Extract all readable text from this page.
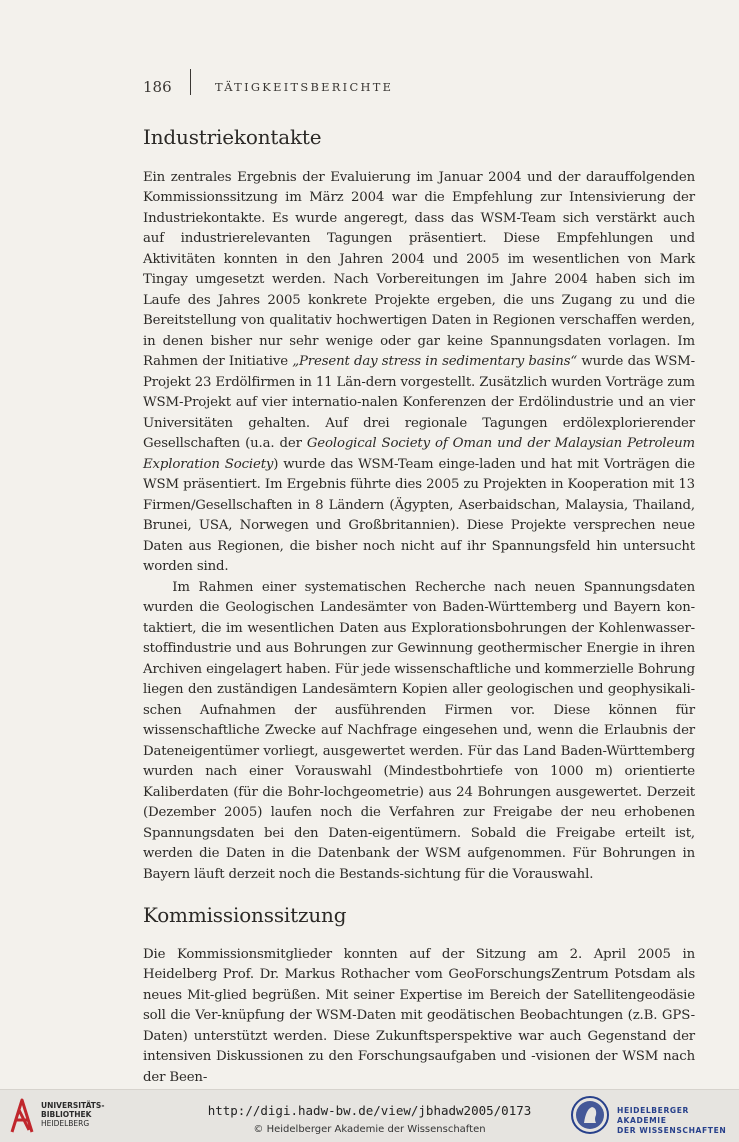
186	TÄTIGKEITSBERICHTE
Industriekontakte

Ein zentrales Ergebnis der Evaluierung im Januar 2004 und der darauffolgenden Kommissionssitzung im März 2004 war die Empfehlung zur Intensivierung der Industriekontakte. Es wurde angeregt, dass das WSM-Team sich verstärkt auch auf industrierelevanten Tagungen präsentiert. Diese Empfehlungen und Aktivitäten konnten in den Jahren 2004 und 2005 im wesentlichen von Mark Tingay umgesetzt werden. Nach Vorbereitungen im Jahre 2004 haben sich im Laufe des Jahres 2005 konkrete Projekte ergeben, die uns Zugang zu und die Bereitstellung von qualitativ hochwertigen Daten in Regionen verschaffen werden, in denen bisher nur sehr wenige oder gar keine Spannungsdaten vorlagen. Im Rahmen der Initiative „Present day stress in sedimentary basins“ wurde das WSM-Projekt 23 Erdölfirmen in 11 Län-dern vorgestellt. Zusätzlich wurden Vorträge zum WSM-Projekt auf vier internatio-nalen Konferenzen der Erdölindustrie und an vier Universitäten gehalten. Auf drei regionale Tagungen erdölexplorierender Gesellschaften (u.a. der Geological Society of Oman und der Malaysian Petroleum Exploration Society) wurde das WSM-Team einge-laden und hat mit Vorträgen die WSM präsentiert. Im Ergebnis führte dies 2005 zu Projekten in Kooperation mit 13 Firmen/Gesellschaften in 8 Ländern (Ägypten, Aserbaidschan, Malaysia, Thailand, Brunei, USA, Norwegen und Großbritannien). Diese Projekte versprechen neue Daten aus Regionen, die bisher noch nicht auf ihr Spannungsfeld hin untersucht worden sind.

Im Rahmen einer systematischen Recherche nach neuen Spannungsdaten wurden die Geologischen Landesämter von Baden-Württemberg und Bayern kon-taktiert, die im wesentlichen Daten aus Explorationsbohrungen der Kohlenwasser-stoffindustrie und aus Bohrungen zur Gewinnung geothermischer Energie in ihren Archiven eingelagert haben. Für jede wissenschaftliche und kommerzielle Bohrung liegen den zuständigen Landesämtern Kopien aller geologischen und geophysikali-schen Aufnahmen der ausführenden Firmen vor. Diese können für wissenschaftliche Zwecke auf Nachfrage eingesehen und, wenn die Erlaubnis der Dateneigentümer vorliegt, ausgewertet werden. Für das Land Baden-Württemberg wurden nach einer Vorauswahl (Mindestbohrtiefe von 1000 m) orientierte Kaliberdaten (für die Bohr-lochgeometrie) aus 24 Bohrungen ausgewertet. Derzeit (Dezember 2005) laufen noch die Verfahren zur Freigabe der neu erhobenen Spannungsdaten bei den Daten-eigentümern. Sobald die Freigabe erteilt ist, werden die Daten in die Datenbank der WSM aufgenommen. Für Bohrungen in Bayern läuft derzeit noch die Bestands-sichtung für die Vorauswahl.

Kommissionssitzung

Die Kommissionsmitglieder konnten auf der Sitzung am 2. April 2005 in Heidelberg Prof. Dr. Markus Rothacher vom GeoForschungsZentrum Potsdam als neues Mit-glied begrüßen. Mit seiner Expertise im Bereich der Satellitengeodäsie soll die Ver-knüpfung der WSM-Daten mit geodätischen Beobachtungen (z.B. GPS-Daten) unterstützt werden. Diese Zukunftsperspektive war auch Gegenstand der intensiven Diskussionen zu den Forschungsaufgaben und -visionen der WSM nach der Been-

UNIVERSITÄTS-
BIBLIOTHEK
HEIDELBERG
http://digi.hadw-bw.de/view/jbhadw2005/0173
© Heidelberger Akademie der Wissenschaften
HEIDELBERGER AKADEMIE
DER WISSENSCHAFTEN
